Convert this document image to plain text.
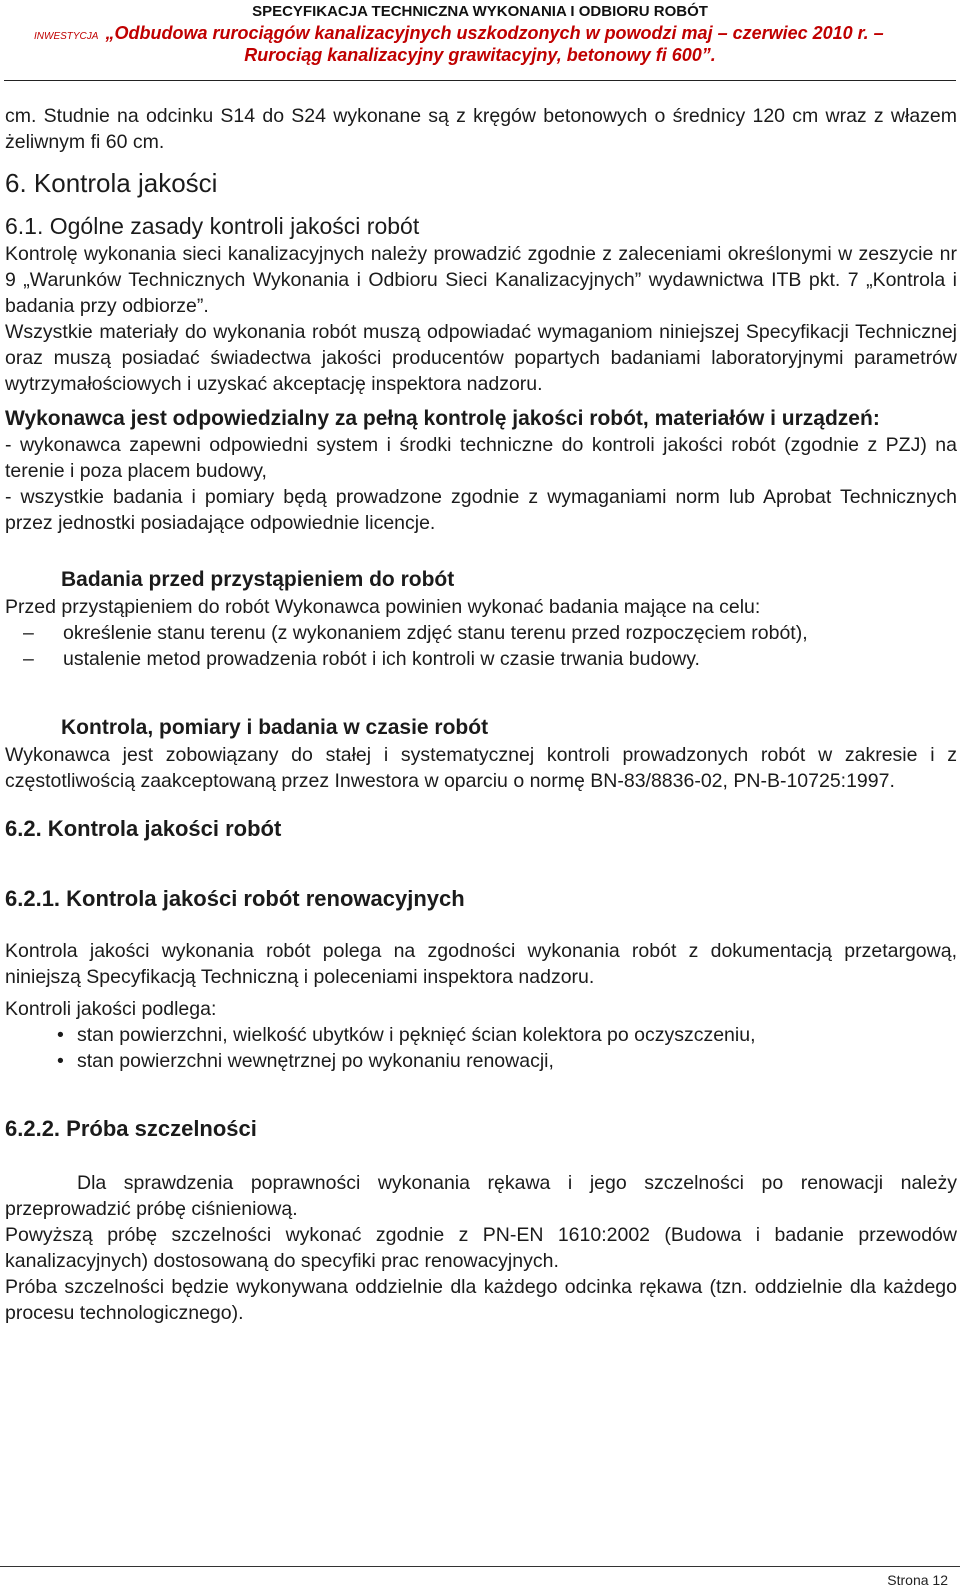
SPECYFIKACJA TECHNICZNA WYKONANIA I ODBIORU ROBÓT
INWESTYCJA „Odbudowa rurociągów kanalizacyjnych uszkodzonych w powodzi maj – czerwiec 2010 r. –
Rurociąg kanalizacyjny grawitacyjny, betonowy fi 600”.

cm. Studnie na odcinku S14 do S24 wykonane są z kręgów betonowych o średnicy 120 cm wraz z włazem żeliwnym fi 60 cm.

6. Kontrola jakości
6.1. Ogólne zasady kontroli jakości robót

Kontrolę wykonania sieci kanalizacyjnych należy prowadzić zgodnie z zaleceniami określonymi w zeszycie nr 9 „Warunków Technicznych Wykonania i Odbioru Sieci Kanalizacyjnych” wydawnictwa ITB pkt. 7 „Kontrola i badania przy odbiorze”.

Wszystkie materiały do wykonania robót muszą odpowiadać wymaganiom niniejszej Specyfikacji Technicznej oraz muszą posiadać świadectwa jakości producentów popartych badaniami laboratoryjnymi parametrów wytrzymałościowych i uzyskać akceptację inspektora nadzoru.

Wykonawca jest odpowiedzialny za pełną kontrolę jakości robót, materiałów i urządzeń:

- wykonawca zapewni odpowiedni system i środki techniczne do kontroli jakości robót (zgodnie z PZJ) na terenie i poza placem budowy,

- wszystkie badania i pomiary będą prowadzone zgodnie z wymaganiami norm lub Aprobat Technicznych przez jednostki posiadające odpowiednie licencje.

Badania przed przystąpieniem do robót

Przed przystąpieniem do robót Wykonawca powinien wykonać badania mające na celu:

– określenie stanu terenu (z wykonaniem zdjęć stanu terenu przed rozpoczęciem robót),
– ustalenie metod prowadzenia robót i ich kontroli w czasie trwania budowy.
Kontrola, pomiary i badania w czasie robót

Wykonawca jest zobowiązany do stałej i systematycznej kontroli prowadzonych robót w zakresie i z częstotliwością zaakceptowaną przez Inwestora w oparciu o normę BN-83/8836-02, PN-B-10725:1997.

6.2. Kontrola jakości robót
6.2.1. Kontrola jakości robót renowacyjnych

Kontrola jakości wykonania robót polega na zgodności wykonania robót z dokumentacją przetargową, niniejszą Specyfikacją Techniczną i poleceniami inspektora nadzoru.

Kontroli jakości podlega:

• stan powierzchni, wielkość ubytków i pęknięć ścian kolektora po oczyszczeniu,
• stan powierzchni wewnętrznej po wykonaniu renowacji,
6.2.2. Próba szczelności

Dla sprawdzenia poprawności wykonania rękawa i jego szczelności po renowacji należy przeprowadzić próbę ciśnieniową.

Powyższą próbę szczelności wykonać zgodnie z PN-EN 1610:2002 (Budowa i badanie przewodów kanalizacyjnych) dostosowaną do specyfiki prac renowacyjnych.

Próba szczelności będzie wykonywana oddzielnie dla każdego odcinka rękawa (tzn. oddzielnie dla każdego procesu technologicznego).

Strona 12
